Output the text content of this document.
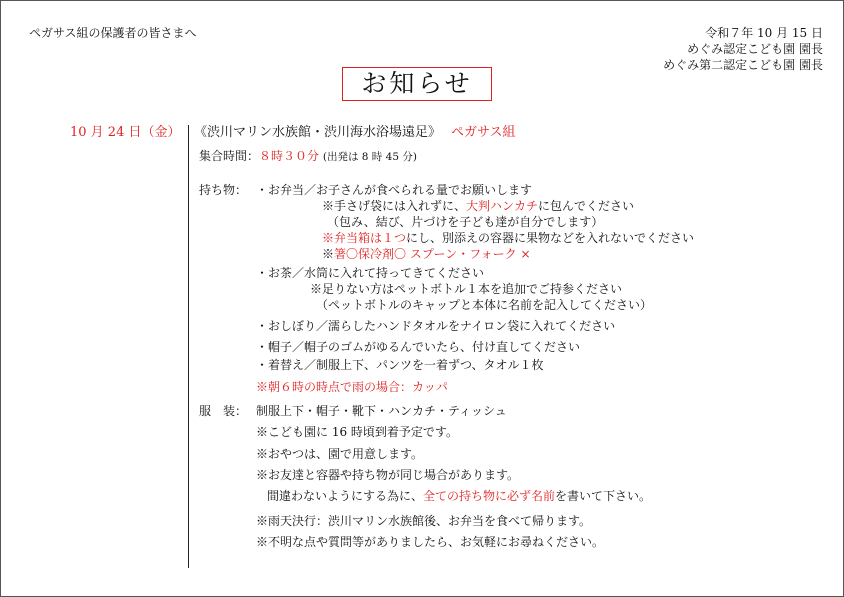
ペガサス組の保護者の皆さまへ	令和７年 10 月 15 日
めぐみ認定こども園 園長
めぐみ第二認定こども園 園長
お知らせ
10 月 24 日（金） 《渋川マリン水族館・渋川海水浴場遠足》 ペガサス組
集合時間：８時３０分 (出発は 8 時 45 分)
持ち物： ・お弁当／お子さんが食べられる量でお願いします
※手さげ袋には入れずに、大判ハンカチに包んでください
（包み、結び、片づけを子ども達が自分でします）
※弁当箱は１つにし、別添えの容器に果物などを入れないでください
※箸〇保冷剤〇 スプーン・フォーク ×
・お茶／水筒に入れて持ってきてください
※足りない方はペットボトル１本を追加でご持参ください
（ペットボトルのキャップと本体に名前を記入してください）
・おしぼり／濡らしたハンドタオルをナイロン袋に入れてください
・帽子／帽子のゴムがゆるんでいたら、付け直してください
・着替え／制服上下、パンツを一着ずつ、タオル１枚
※朝６時の時点で雨の場合：カッパ
服　装： 制服上下・帽子・靴下・ハンカチ・ティッシュ
※こども園に 16 時頃到着予定です。
※おやつは、園で用意します。
※お友達と容器や持ち物が同じ場合があります。
間違わないようにする為に、全ての持ち物に必ず名前を書いて下さい。
※雨天決行：渋川マリン水族館後、お弁当を食べて帰ります。
※不明な点や質問等がありましたら、お気軽にお尋ねください。
